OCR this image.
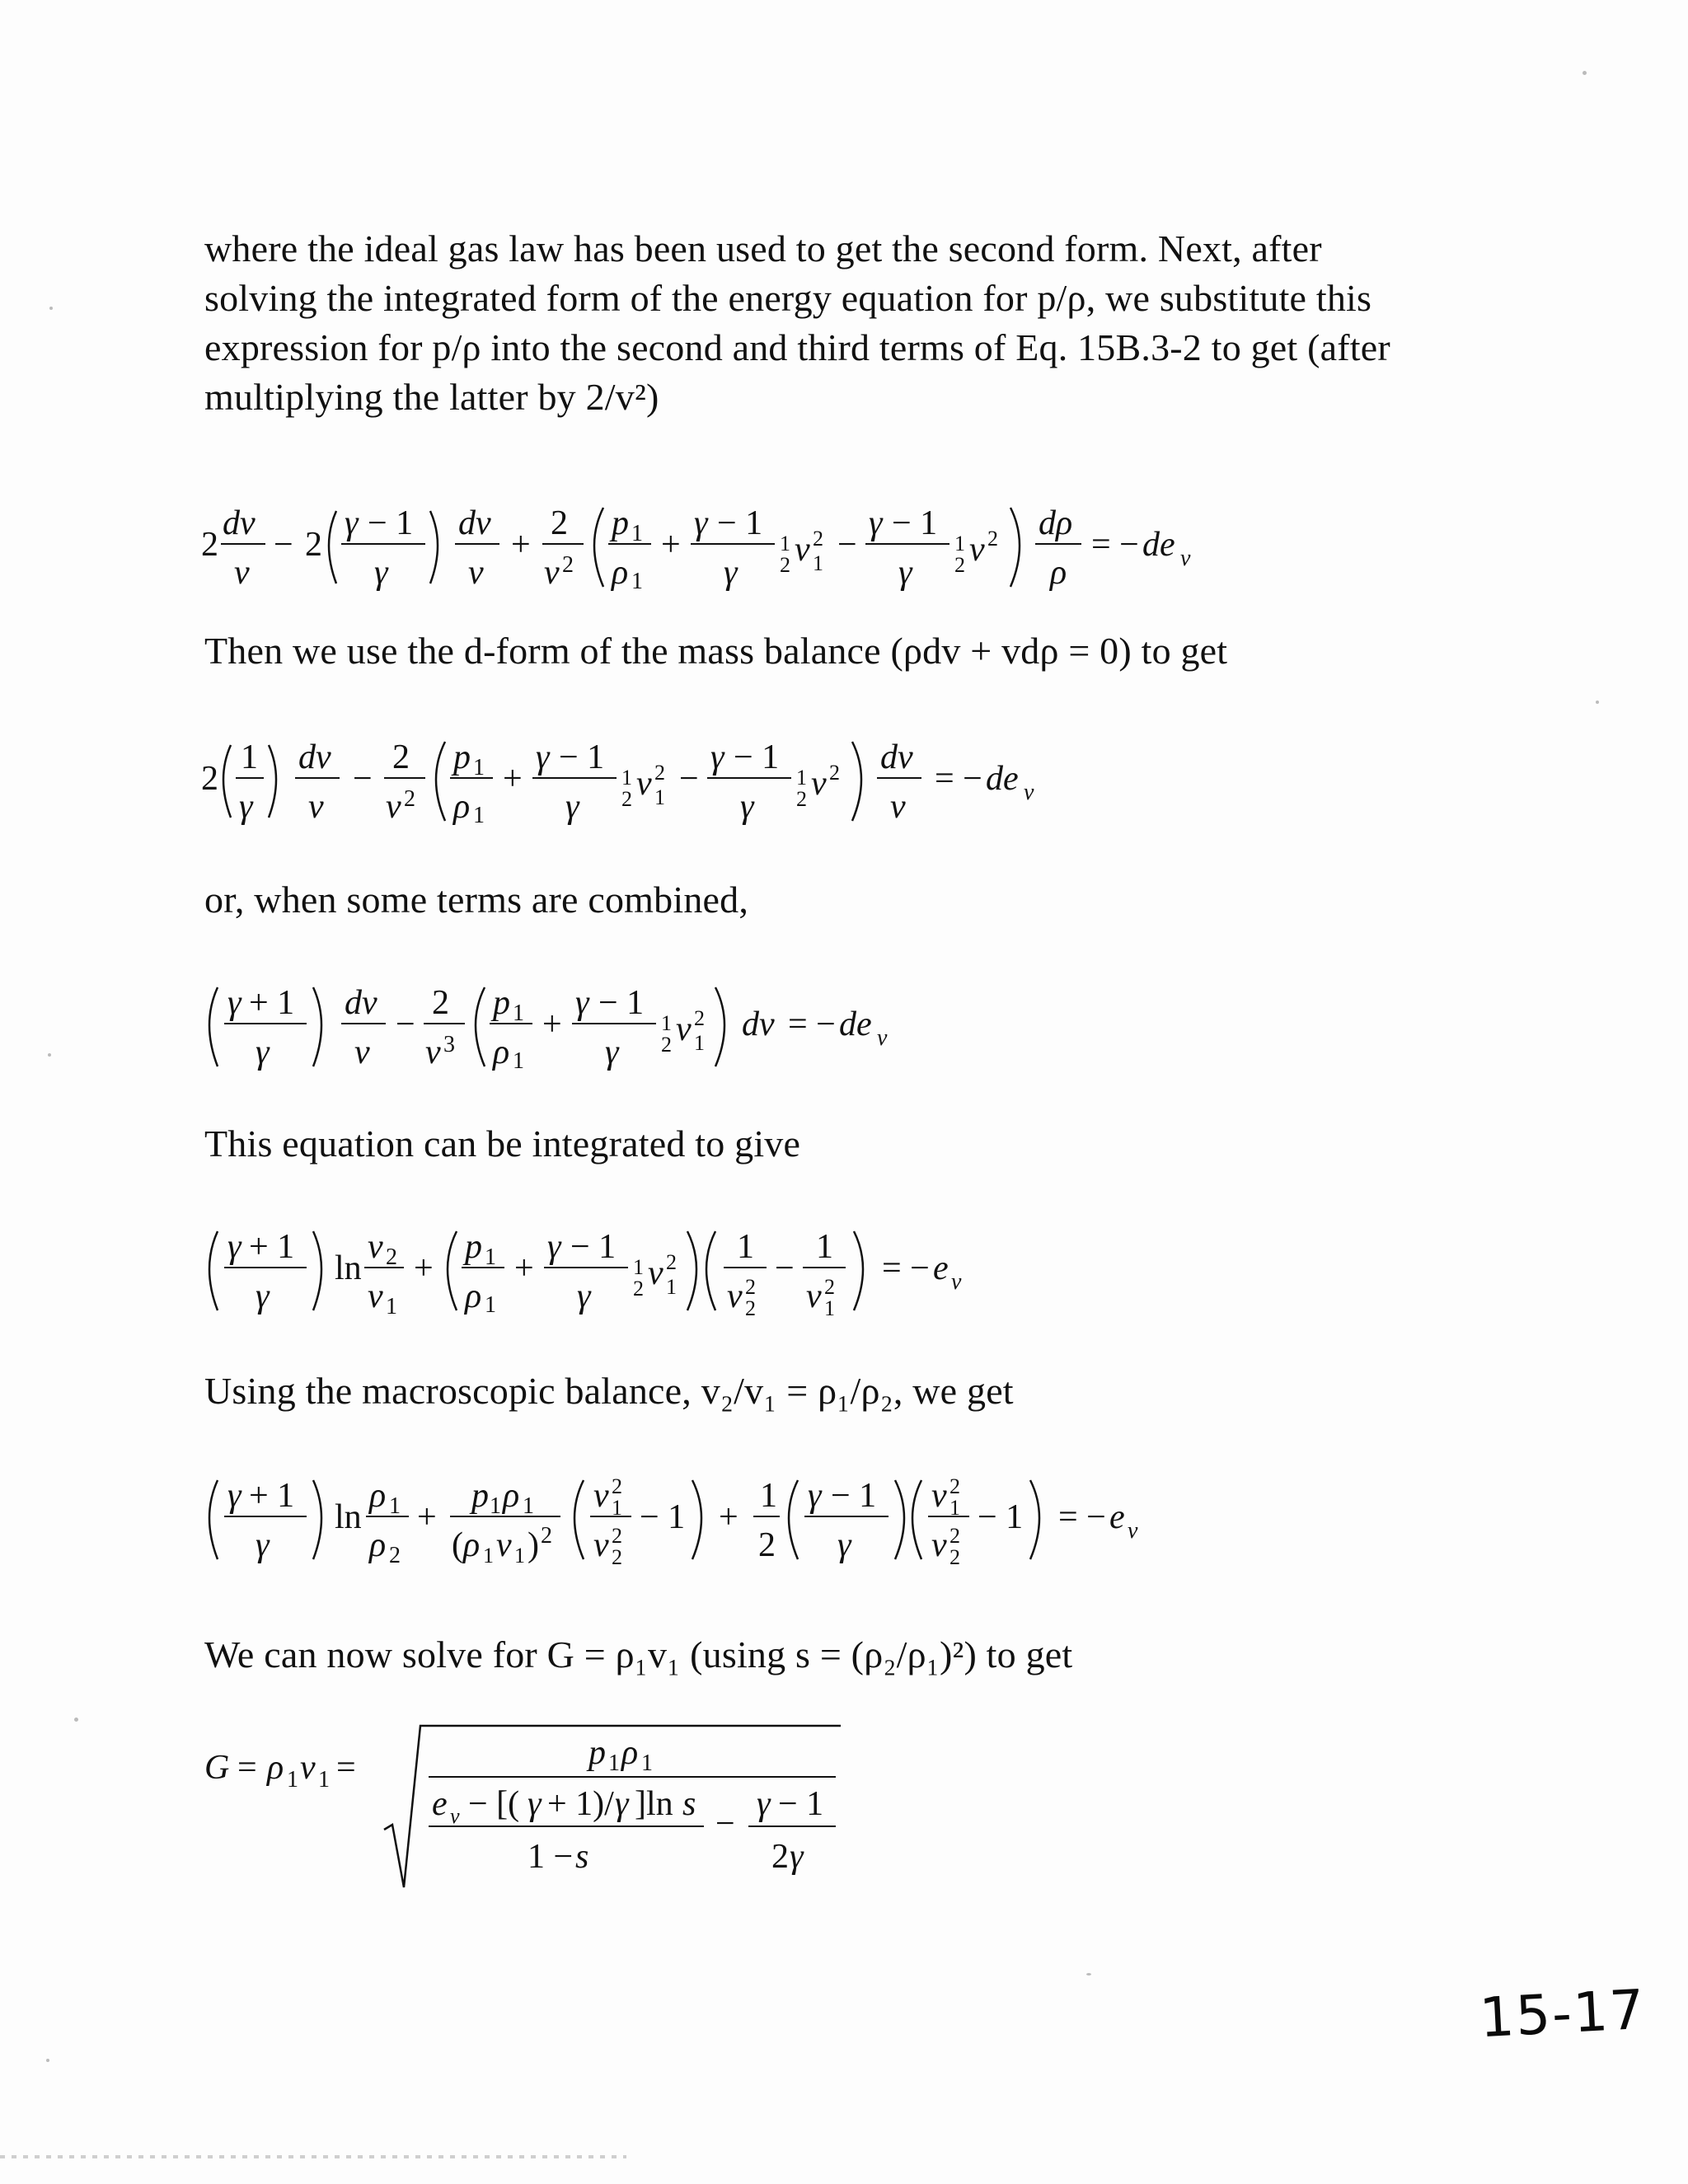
where the ideal gas law has been used to get the second form. Next, after solving the integrated form of the energy equation for p/ρ, we substitute this expression for p/ρ into the second and third terms of Eq. 15B.3-2 to get (after multiplying the latter by 2/v²)
2
dv
v
− 2
γ − 1
γ
dv
v
+
2
v 2
p 1
ρ 1
+
γ − 1
γ
1
2 v 2
1 −
γ − 1
γ
1
2 v 2 dρ
ρ
= − de v
Then we use the d-form of the mass balance (ρdv + vdρ = 0) to get
2
1
γ
dv
v
−
2
v 2
p 1
ρ 1
+
γ − 1
γ
1
2 v 2
1 −
γ − 1
γ
1
2 v 2 dv
v
= − de v
or, when some terms are combined,
γ + 1
γ
dv
v
−
2
v 3
p 1
ρ 1
+
γ − 1
γ
1
2 v 2
1 dv = − de v
This equation can be integrated to give
γ + 1
γ
ln
v 2
v 1
+
p 1
ρ 1
+
γ − 1
γ
1
2 v 2
1
1
v 2
2
−
1
v 2
1
= − e v
Using the macroscopic balance, v₂/v₁ = ρ₁/ρ₂, we get
γ + 1
γ
ln
ρ 1
ρ 2
+
p 1 ρ 1
( ρ 1 v 1 ) 2
v 2
1
v 2
2
− 1 +
1
2
γ − 1
γ
v 2
1
v 2
2
− 1 = − e v
We can now solve for G = ρ₁v₁ (using s = (ρ₂/ρ₁)²) to get
G = ρ 1 v 1 =	p 1 ρ 1
e v − [( γ + 1)/ γ ]ln s
1 − s
−
γ − 1
2 γ
15-17
